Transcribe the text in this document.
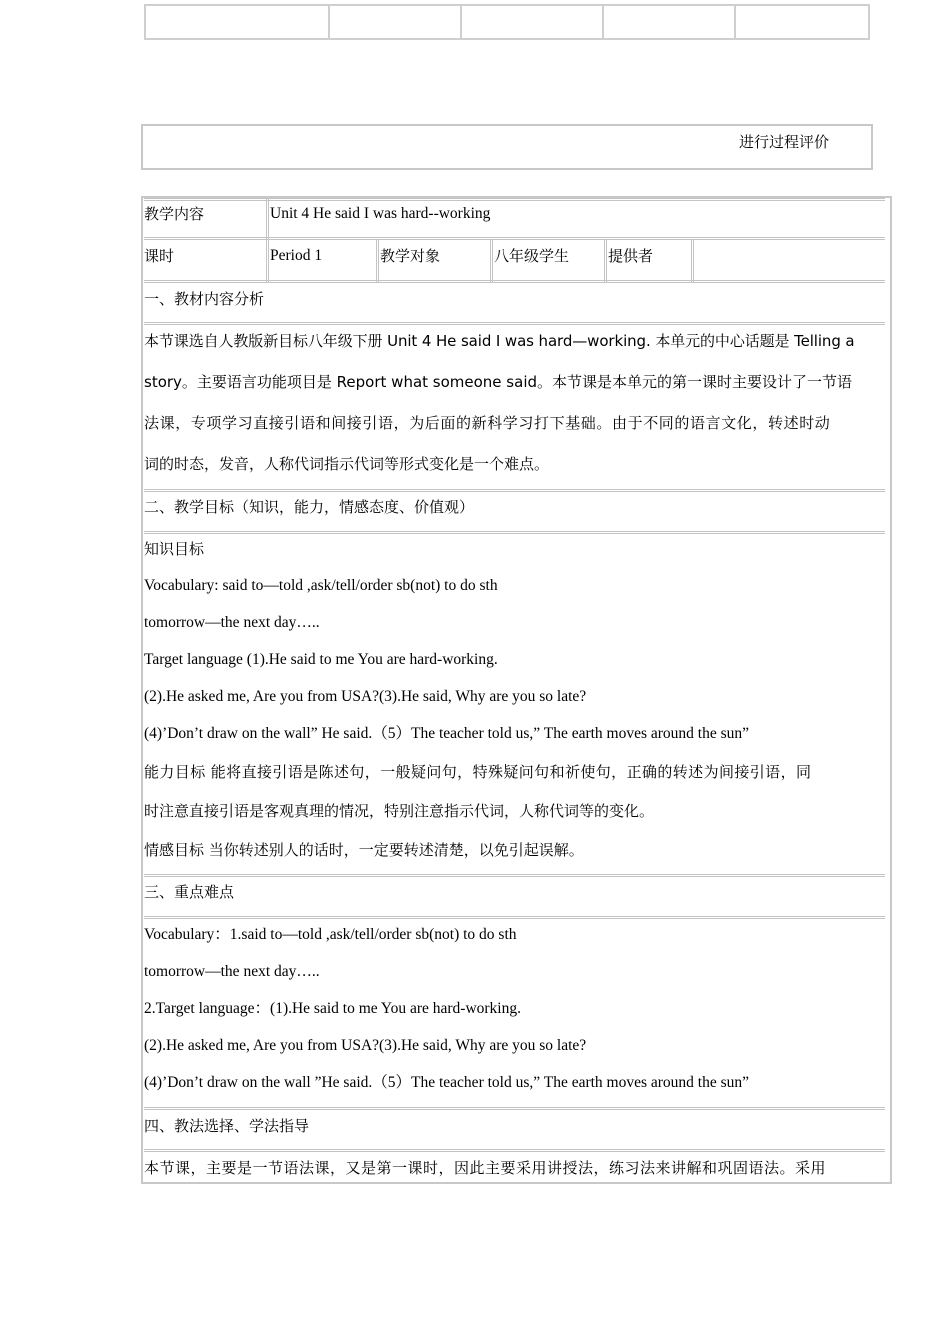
进行过程评价
教学内容	Unit 4 He said I was hard--working
课时	Period 1	教学对象	八年级学生	提供者
一、教材内容分析
本节课选自人教版新目标八年级下册 Unit 4 He said I was hard—working. 本单元的中心话题是 Telling a
story。主要语言功能项目是 Report what someone said。本节课是本单元的第一课时主要设计了一节语
法课，专项学习直接引语和间接引语，为后面的新科学习打下基础。由于不同的语言文化，转述时动
词的时态，发音，人称代词指示代词等形式变化是一个难点。
二、教学目标（知识，能力，情感态度、价值观）
知识目标
Vocabulary: said to—told ,ask/tell/order sb(not) to do sth
tomorrow—the next day…..
Target language (1).He said to me You are hard-working.
(2).He asked me, Are you from USA?(3).He said, Why are you so late?
(4)’Don’t draw on the wall” He said.（5）The teacher told us,” The earth moves around the sun”
能力目标 能将直接引语是陈述句，一般疑问句，特殊疑问句和祈使句，正确的转述为间接引语，同
时注意直接引语是客观真理的情况，特别注意指示代词，人称代词等的变化。
情感目标 当你转述别人的话时，一定要转述清楚，以免引起误解。
三、重点难点
Vocabulary：1.said to—told ,ask/tell/order sb(not) to do sth
tomorrow—the next day…..
2.Target language：(1).He said to me You are hard-working.
(2).He asked me, Are you from USA?(3).He said, Why are you so late?
(4)’Don’t draw on the wall ”He said.（5）The teacher told us,” The earth moves around the sun”
四、教法选择、学法指导
本节课，主要是一节语法课，又是第一课时，因此主要采用讲授法，练习法来讲解和巩固语法。采用
